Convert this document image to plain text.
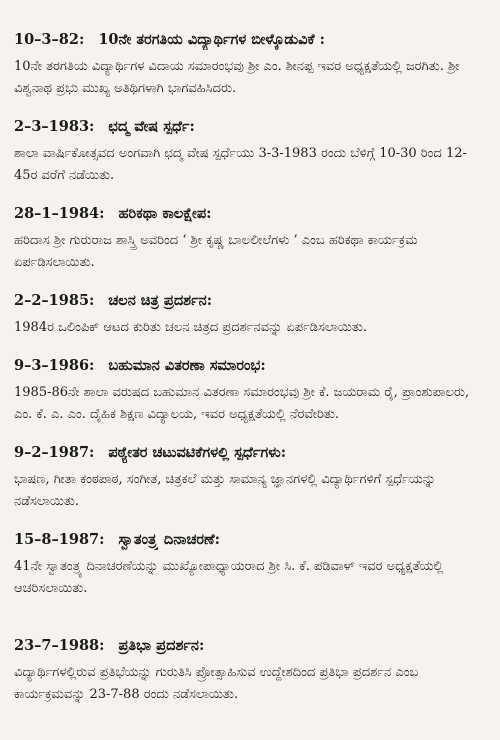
10–3–82: 10ನೇ ತರಗತಿಯ ವಿದ್ಯಾರ್ಥಿಗಳ ಬೀಳ್ಕೊಡುವಿಕೆ :
10ನೇ ತರಗತಿಯ ವಿದ್ಯಾರ್ಥಿಗಳ ವಿದಾಯ ಸಮಾರಂಭವು ಶ್ರೀ ಎಂ. ಶೀನಪ್ಪ ಇವರ ಅಧ್ಯಕ್ಷತೆಯಲ್ಲಿ ಜರಗಿತು. ಶ್ರೀ ವಿಶ್ವನಾಥ ಪ್ರಭು ಮುಖ್ಯ ಅತಿಥಿಗಳಾಗಿ ಭಾಗವಹಿಸಿದರು.
2–3–1983: ಛದ್ಮ ವೇಷ ಸ್ಪರ್ಧೆ:
ಶಾಲಾ ವಾರ್ಷಿಕೋತ್ಸವದ ಅಂಗವಾಗಿ ಛದ್ಮ ವೇಷ ಸ್ಪರ್ಧೆಯು 3-3-1983 ರಂದು ಬೆಳಿಗ್ಗೆ 10-30 ರಿಂದ 12-45ರ ವರೆಗೆ ನಡೆಯಿತು.
28–1–1984: ಹರಿಕಥಾ ಕಾಲಕ್ಷೇಪ:
ಹರಿದಾಸ ಶ್ರೀ ಗುರುರಾಜ ಶಾಸ್ತ್ರಿ ಅವರಿಂದ ‘ ಶ್ರೀ ಕೃಷ್ಣ ಬಾಲಲೀಲೆಗಳು ’ ಎಂಬ ಹರಿಕಥಾ ಕಾರ್ಯಕ್ರಮ ಏರ್ಪಡಿಸಲಾಯಿತು.
2–2–1985: ಚಲನ ಚಿತ್ರ ಪ್ರದರ್ಶನ:
1984ರ ಒಲಿಂಪಿಕ್ ಆಟದ ಕುರಿತು ಚಲನ ಚಿತ್ರದ ಪ್ರದರ್ಶನವನ್ನು ಏರ್ಪಡಿಸಲಾಯಿತು.
9–3–1986: ಬಹುಮಾನ ವಿತರಣಾ ಸಮಾರಂಭ:
1985-86ನೇ ಶಾಲಾ ವರುಷದ ಬಹುಮಾನ ವಿತರಣಾ ಸಮಾರಂಭವು ಶ್ರೀ ಕೆ. ಜಯರಾಮ ರೈ, ಪ್ರಾಂಶುಪಾಲರು, ಎಂ. ಕೆ. ಎ. ಎಂ. ದೈಹಿಕ ಶಿಕ್ಷಣ ವಿದ್ಯಾಲಯ, ಇವರ ಅಧ್ಯಕ್ಷತೆಯಲ್ಲಿ ನೆರವೇರಿತು.
9–2–1987: ಪಠ್ಯೇತರ ಚಟುವಟಿಕೆಗಳಲ್ಲಿ ಸ್ಪರ್ಧೆಗಳು:
ಭಾಷಣ, ಗೀತಾ ಕಂಠಪಾಠ, ಸಂಗೀತ, ಚಿತ್ರಕಲೆ ಮತ್ತು ಸಾಮಾನ್ಯ ಜ್ಞಾನಗಳಲ್ಲಿ ವಿದ್ಯಾರ್ಥಿಗಳಿಗೆ ಸ್ಪರ್ಧೆಯನ್ನು ನಡೆಸಲಾಯಿತು.
15–8–1987: ಸ್ವಾತಂತ್ರ್ಯ ದಿನಾಚರಣೆ:
41ನೇ ಸ್ವಾತಂತ್ರ್ಯ ದಿನಾಚರಣೆಯನ್ನು ಮುಖ್ಯೋಪಾಧ್ಯಾಯರಾದ ಶ್ರೀ ಸಿ. ಕೆ. ಪಡಿವಾಳ್ ಇವರ ಅಧ್ಯಕ್ಷತೆಯಲ್ಲಿ ಆಚರಿಸಲಾಯಿತು.
23–7–1988: ಪ್ರತಿಭಾ ಪ್ರದರ್ಶನ:
ವಿದ್ಯಾರ್ಥಿಗಳಲ್ಲಿರುವ ಪ್ರತಿಭೆಯನ್ನು ಗುರುತಿಸಿ ಪ್ರೋತ್ಸಾಹಿಸುವ ಉದ್ದೇಶದಿಂದ ಪ್ರತಿಭಾ ಪ್ರದರ್ಶನ ಎಂಬ ಕಾರ್ಯಕ್ರಮವನ್ನು 23-7-88 ರಂದು ನಡೆಸಲಾಯಿತು.
